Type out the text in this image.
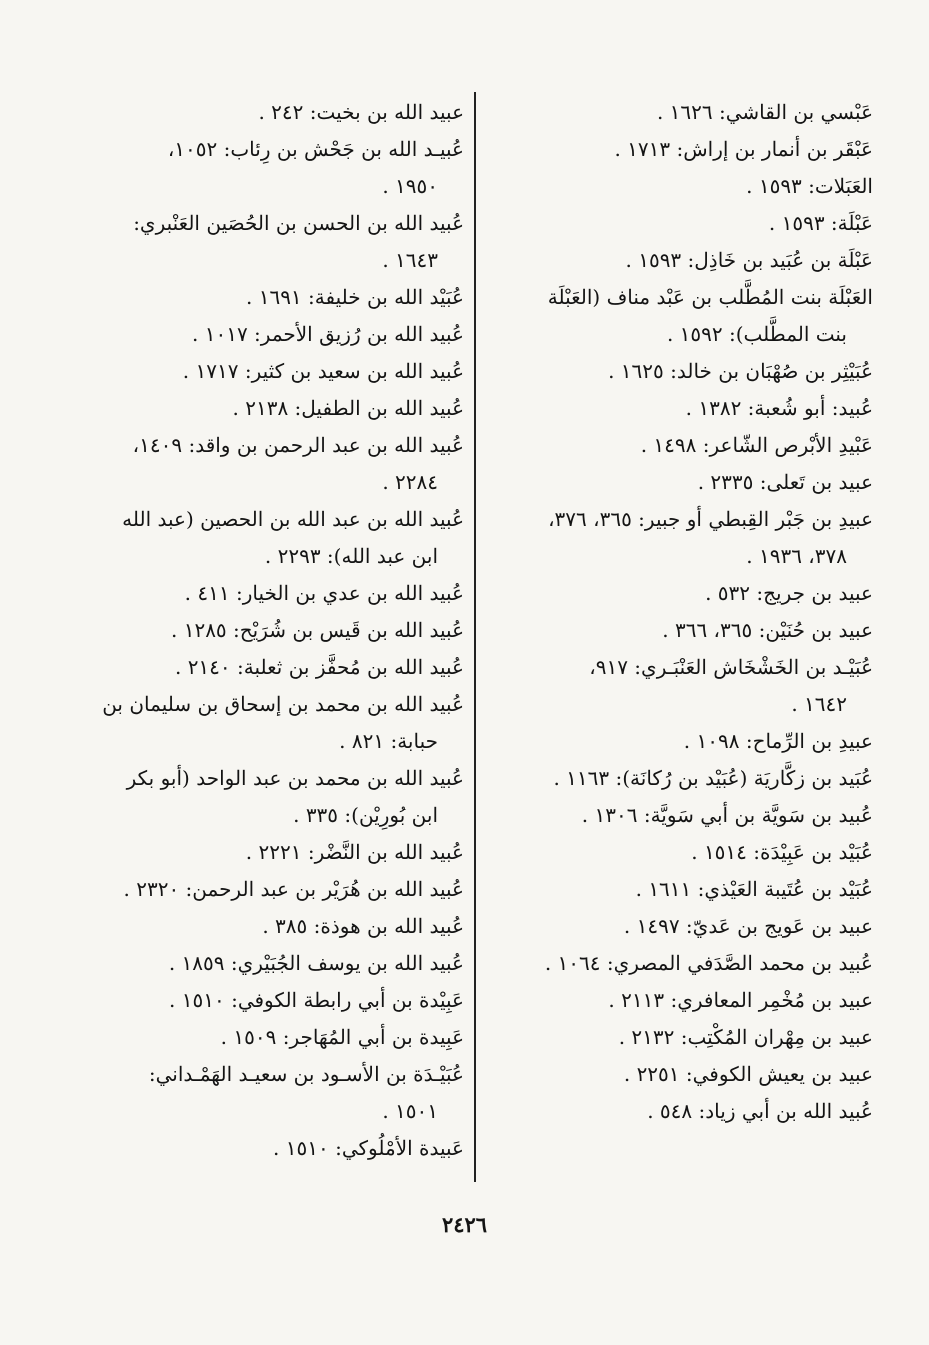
عَبْسي بن القاشي: ١٦٢٦ .
عَبْقَر بن أنمار بن إراش: ١٧١٣ .
العَبَلات: ١٥٩٣ .
عَبْلَة: ١٥٩٣ .
عَبْلَة بن عُبَيد بن خَاذِل: ١٥٩٣ .
العَبْلَة بنت المُطَّلب بن عَبْد مناف (العَبْلَة

بنت المطَّلب): ١٥٩٢ .
عُبَيْثِر بن صُهْبَان بن خالد: ١٦٢٥ .
عُبيد: أبو شُعبة: ١٣٨٢ .
عَبْيدِ الأبْرص الشّاعر: ١٤٩٨ .
عبيد بن تَعلى: ٢٣٣٥ .
عبيدِ بن جَبْر القِبطي أو جبير: ٣٦٥، ٣٧٦،

٣٧٨، ١٩٣٦ .
عبيد بن جريج: ٥٣٢ .
عبيد بن حُنَيْن: ٣٦٥، ٣٦٦ .
عُبَيْـد بن الخَشْخَاش العَنْبَـري: ٩١٧،

١٦٤٢ .
عبيدِ بن الرِّماح: ١٠٩٨ .
عُبَيد بن زكَّاريَة (عُبَيْد بن رُكانَة): ١١٦٣ .
عُبيد بن سَويَّة بن أبي سَويَّة: ١٣٠٦ .
عُبَيْد بن عَبِيْدَة: ١٥١٤ .
عُبَيْد بن عُتَيبة العَيْذي: ١٦١١ .
عبيد بن عَويج بن عَديّ: ١٤٩٧ .
عُبيد بن محمد الصَّدَفي المصري: ١٠٦٤ .
عبيد بن مُخْمِر المعافري: ٢١١٣ .
عبيد بن مِهْران المُكْتِب: ٢١٣٢ .
عبيد بن يعيش الكوفي: ٢٢٥١ .
عُبيد الله بن أبي زياد: ٥٤٨ .
عبيد الله بن بخيت: ٢٤٢ .
عُبيـد الله بن جَحْش بن رِئاب: ١٠٥٢،

١٩٥٠ .
عُبيد الله بن الحسن بن الحُصَين العَنْبري:

١٦٤٣ .
عُبَيْد الله بن خليفة: ١٦٩١ .
عُبيد الله بن رُزيق الأحمر: ١٠١٧ .
عُبيد الله بن سعيد بن كثير: ١٧١٧ .
عُبيد الله بن الطفيل: ٢١٣٨ .
عُبيد الله بن عبد الرحمن بن واقد: ١٤٠٩،

٢٢٨٤ .
عُبيد الله بن عبد الله بن الحصين (عبد الله

ابن عبد الله): ٢٢٩٣ .
عُبيد الله بن عدي بن الخيار: ٤١١ .
عُبيد الله بن قَيس بن شُرَيْح: ١٢٨٥ .
عُبيد الله بن مُحفَّز بن ثعلبة: ٢١٤٠ .
عُبيد الله بن محمد بن إسحاق بن سليمان بن

حبابة: ٨٢١ .
عُبيد الله بن محمد بن عبد الواحد (أبو بكر

ابن بُورِيْن): ٣٣٥ .
عُبيد الله بن النَّضْر: ٢٢٢١ .
عُبيد الله بن هُرَيْر بن عبد الرحمن: ٢٣٢٠ .
عُبيد الله بن هوذة: ٣٨٥ .
عُبيد الله بن يوسف الجُبَيْري: ١٨٥٩ .
عَبِيْدة بن أبي رابطة الكوفي: ١٥١٠ .
عَبِيدة بن أبي المُهَاجر: ١٥٠٩ .
عُبَيْـدَة بن الأسـود بن سعيـد الهَمْـداني:

١٥٠١ .
عَبيدة الأمْلُوكي: ١٥١٠ .
٢٤٢٦
